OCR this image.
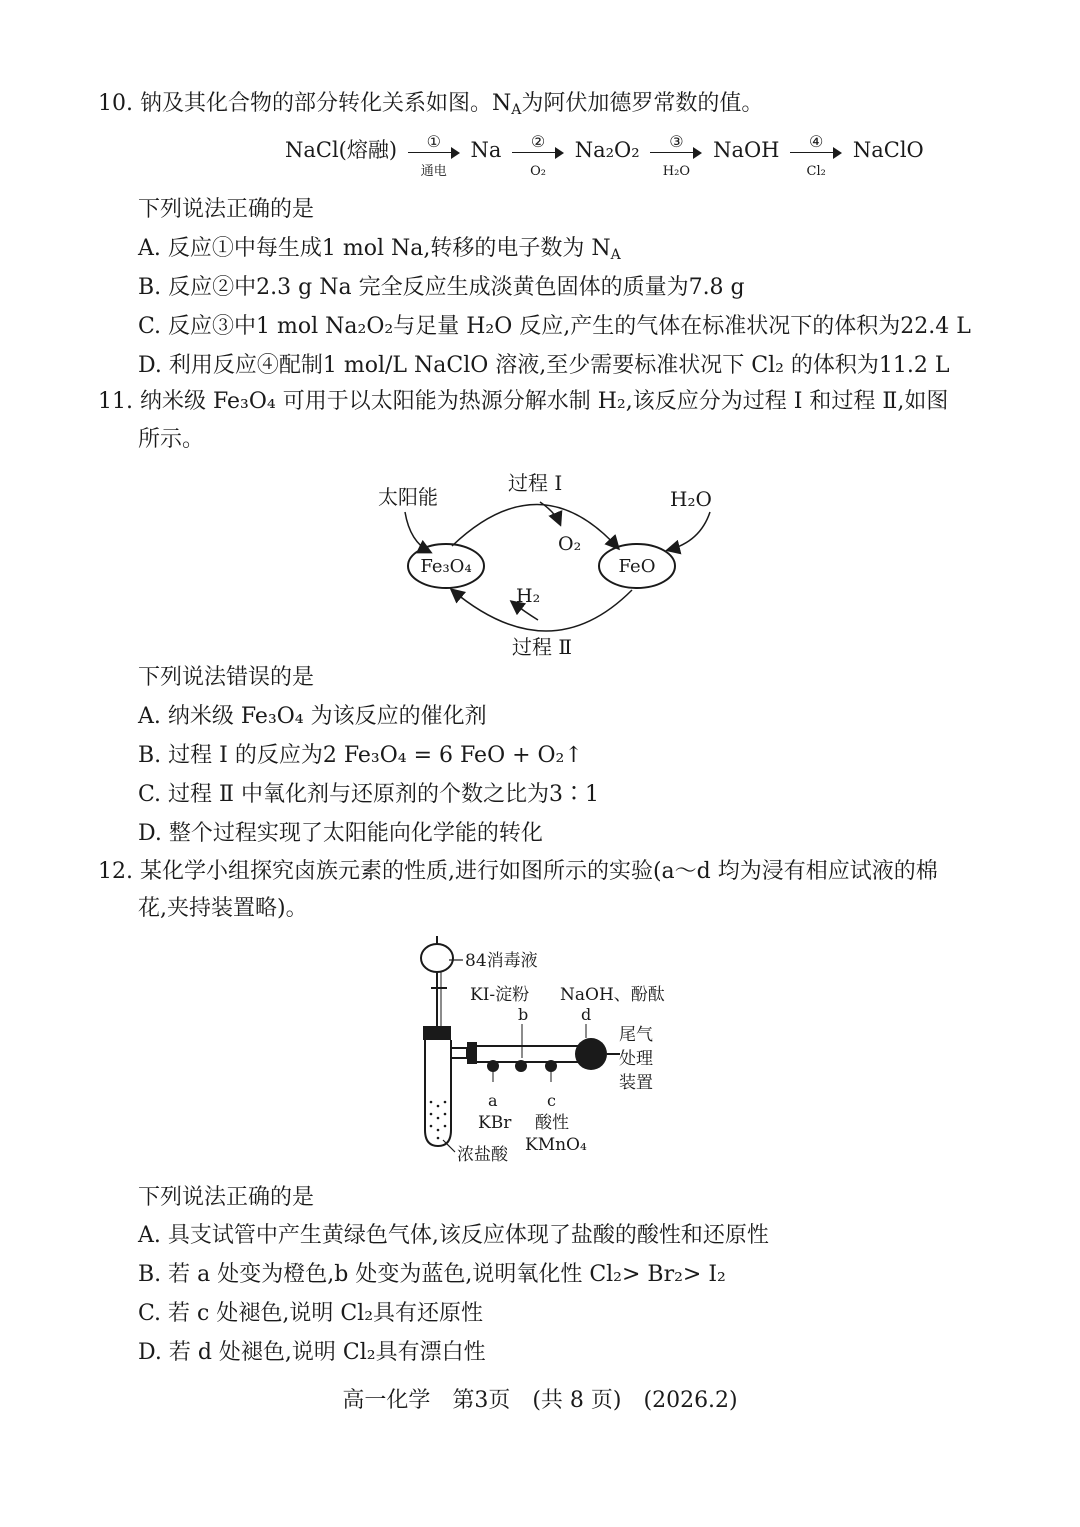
10. 钠及其化合物的部分转化关系如图。$N_A$为阿伏加德罗常数的值。
NaCl(熔融)	①
通电
Na	②
O₂
Na₂O₂	③
H₂O
NaOH	④
Cl₂
NaClO
下列说法正确的是
A. 反应①中每生成1 mol Na,转移的电子数为 $N_A$
B. 反应②中2.3 g Na 完全反应生成淡黄色固体的质量为7.8 g
C. 反应③中1 mol Na₂O₂与足量 H₂O 反应,产生的气体在标准状况下的体积为22.4 L
D. 利用反应④配制1 mol/L NaClO 溶液,至少需要标准状况下 Cl₂ 的体积为11.2 L
11. 纳米级 Fe₃O₄ 可用于以太阳能为热源分解水制 H₂,该反应分为过程 Ⅰ 和过程 Ⅱ,如图
所示。
太阳能
过程 Ⅰ
H₂O
O₂
Fe₃O₄	FeO
H₂
过程 Ⅱ
下列说法错误的是
A. 纳米级 Fe₃O₄ 为该反应的催化剂
B. 过程 Ⅰ 的反应为2 Fe₃O₄ = 6 FeO + O₂↑
C. 过程 Ⅱ 中氧化剂与还原剂的个数之比为3∶1
D. 整个过程实现了太阳能向化学能的转化
12. 某化学小组探究卤族元素的性质,进行如图所示的实验(a～d 均为浸有相应试液的棉
花,夹持装置略)。
84消毒液
浓盐酸
KI-淀粉
b
NaOH、酚酞
d
尾气
处理
装置
a
KBr
c
酸性
KMnO₄
下列说法正确的是
A. 具支试管中产生黄绿色气体,该反应体现了盐酸的酸性和还原性
B. 若 a 处变为橙色,b 处变为蓝色,说明氧化性 Cl₂> Br₂> I₂
C. 若 c 处褪色,说明 Cl₂具有还原性
D. 若 d 处褪色,说明 Cl₂具有漂白性
高一化学　第3页　(共 8 页)　(2026.2)
